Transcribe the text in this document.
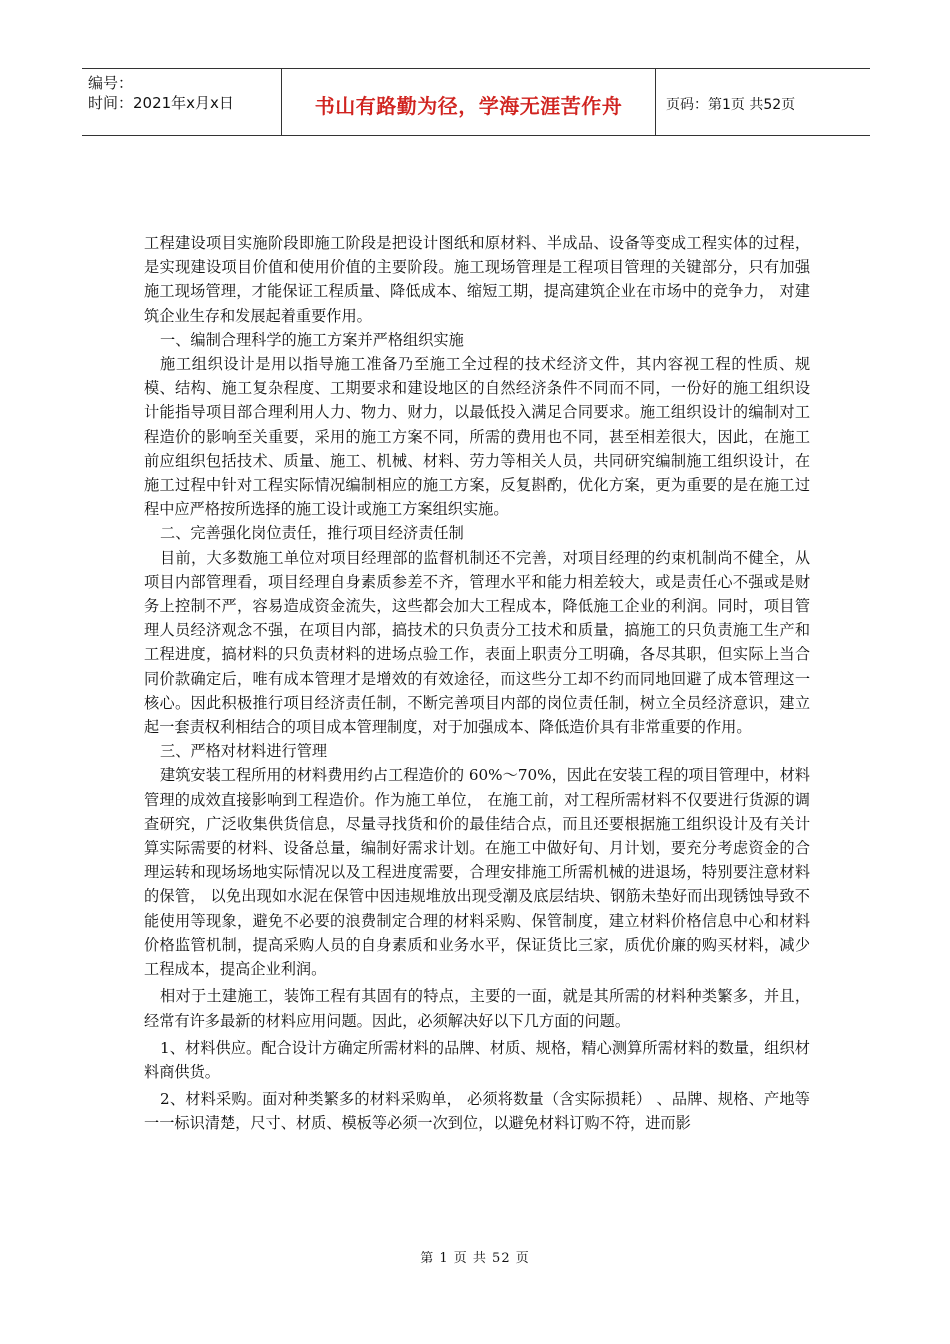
编号：
时间：2021年x月x日	书山有路勤为径，学海无涯苦作舟	页码：第1页 共52页

工程建设项目实施阶段即施工阶段是把设计图纸和原材料、半成品、设备等变成工程实体的过程，是实现建设项目价值和使用价值的主要阶段。施工现场管理是工程项目管理的关键部分，只有加强施工现场管理，才能保证工程质量、降低成本、缩短工期，提高建筑企业在市场中的竞争力， 对建筑企业生存和发展起着重要作用。

一、编制合理科学的施工方案并严格组织实施

施工组织设计是用以指导施工准备乃至施工全过程的技术经济文件，其内容视工程的性质、规模、结构、施工复杂程度、工期要求和建设地区的自然经济条件不同而不同，一份好的施工组织设计能指导项目部合理利用人力、物力、财力，以最低投入满足合同要求。施工组织设计的编制对工程造价的影响至关重要，采用的施工方案不同，所需的费用也不同，甚至相差很大，因此，在施工前应组织包括技术、质量、施工、机械、材料、劳力等相关人员，共同研究编制施工组织设计，在施工过程中针对工程实际情况编制相应的施工方案，反复斟酌，优化方案，更为重要的是在施工过程中应严格按所选择的施工设计或施工方案组织实施。

二、完善强化岗位责任，推行项目经济责任制

目前，大多数施工单位对项目经理部的监督机制还不完善，对项目经理的约束机制尚不健全，从项目内部管理看，项目经理自身素质参差不齐，管理水平和能力相差较大，或是责任心不强或是财务上控制不严，容易造成资金流失，这些都会加大工程成本，降低施工企业的利润。同时，项目管理人员经济观念不强，在项目内部，搞技术的只负责分工技术和质量，搞施工的只负责施工生产和工程进度，搞材料的只负责材料的进场点验工作，表面上职责分工明确，各尽其职，但实际上当合同价款确定后，唯有成本管理才是增效的有效途径，而这些分工却不约而同地回避了成本管理这一核心。因此积极推行项目经济责任制，不断完善项目内部的岗位责任制，树立全员经济意识，建立起一套责权利相结合的项目成本管理制度，对于加强成本、降低造价具有非常重要的作用。

三、严格对材料进行管理

建筑安装工程所用的材料费用约占工程造价的 60%～70%，因此在安装工程的项目管理中，材料管理的成效直接影响到工程造价。作为施工单位， 在施工前，对工程所需材料不仅要进行货源的调查研究，广泛收集供货信息，尽量寻找货和价的最佳结合点，而且还要根据施工组织设计及有关计算实际需要的材料、设备总量，编制好需求计划。在施工中做好旬、月计划，要充分考虑资金的合理运转和现场场地实际情况以及工程进度需要，合理安排施工所需机械的进退场，特别要注意材料的保管， 以免出现如水泥在保管中因违规堆放出现受潮及底层结块、钢筋未垫好而出现锈蚀导致不能使用等现象，避免不必要的浪费制定合理的材料采购、保管制度，建立材料价格信息中心和材料价格监管机制，提高采购人员的自身素质和业务水平，保证货比三家，质优价廉的购买材料，减少工程成本，提高企业利润。

相对于土建施工，装饰工程有其固有的特点，主要的一面，就是其所需的材料种类繁多，并且，经常有许多最新的材料应用问题。因此，必须解决好以下几方面的问题。

1、材料供应。配合设计方确定所需材料的品牌、材质、规格，精心测算所需材料的数量，组织材料商供货。

2、材料采购。面对种类繁多的材料采购单， 必须将数量（含实际损耗） 、品牌、规格、产地等一一标识清楚，尺寸、材质、模板等必须一次到位，以避免材料订购不符，进而影

第 1 页 共 52 页
